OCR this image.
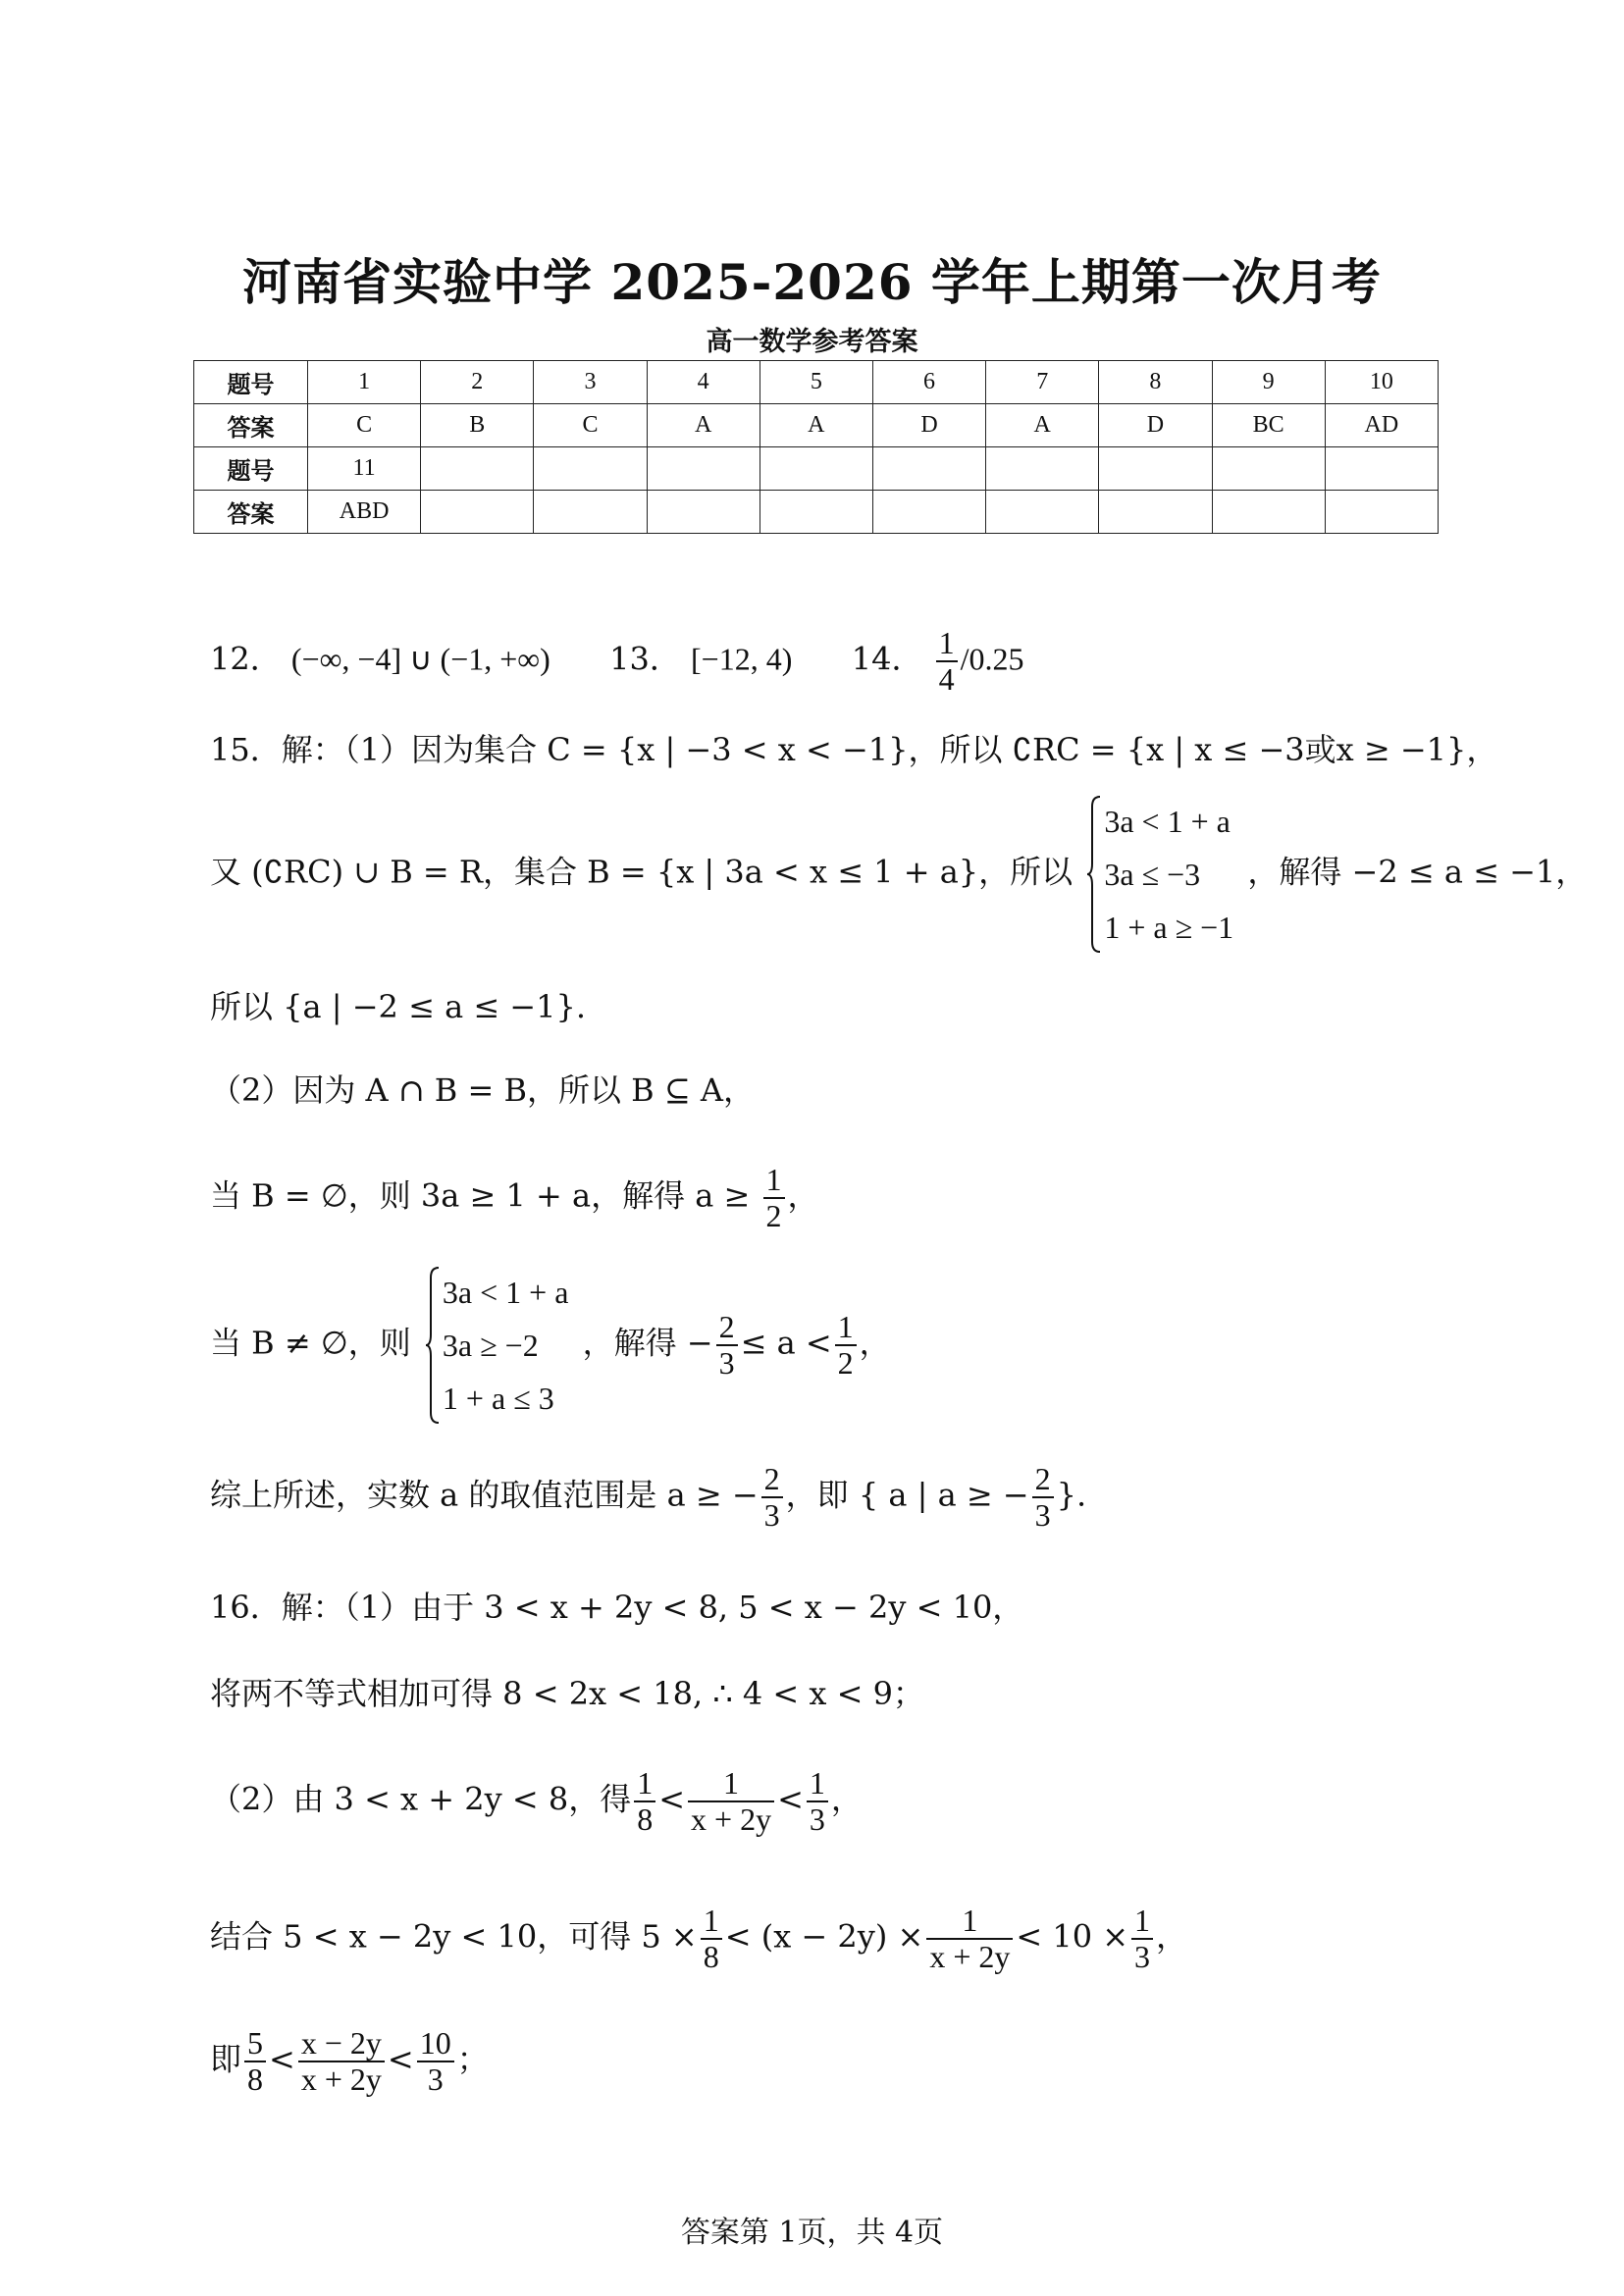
河南省实验中学 2025-2026 学年上期第一次月考
高一数学参考答案
题号	1	2	3	4	5	6	7	8	9	10
答案	C	B	C	A	A	D	A	D	BC	AD
题号	11									
答案	ABD									
12． (−∞, −4] ∪ (−1, +∞) 13． [−12, 4) 14． $\frac{1}{4} /0.25$
15．解：（1）因为集合 C = {x | −3 < x < −1}，所以 ∁RC = {x | x ≤ −3或x ≥ −1}，
又 (∁RC) ∪ B = R，集合 B = {x | 3a < x ≤ 1 + a}，所以
3a < 1 + a
3a ≤ −3
1 + a ≥ −1
，解得 −2 ≤ a ≤ −1，
所以 {a | −2 ≤ a ≤ −1}.
（2）因为 A ∩ B = B，所以 B ⊆ A，
当 B = ∅，则 3a ≥ 1 + a，解得 $a \ge \frac{1}{2}$ ，
当 B ≠ ∅，则
3a < 1 + a
3a ≥ −2
1 + a ≤ 3
，解得 − $\frac{2}{3} \le a < \frac{1}{2}$ ，
综上所述，实数 a 的取值范围是 a ≥ − $\frac{2}{3}$ ，即 { a | a ≥ − $\frac{2}{3}$ }.
16．解：（1）由于 3 < x + 2y < 8, 5 < x − 2y < 10，
将两不等式相加可得 8 < 2x < 18, ∴ 4 < x < 9；
（2）由 3 < x + 2y < 8，得 $\frac{1}{8} < \frac{1}{x + 2y} < \frac{1}{3}$ ，
结合 5 < x − 2y < 10，可得 $5 \times \frac{1}{8} < (x - 2y) \times \frac{1}{x + 2y} < 10 \times \frac{1}{3}$ ，
即 $\frac{5}{8} < \frac{x - 2y}{x + 2y} < \frac{10}{3}$ ；
答案第 1页，共 4页
